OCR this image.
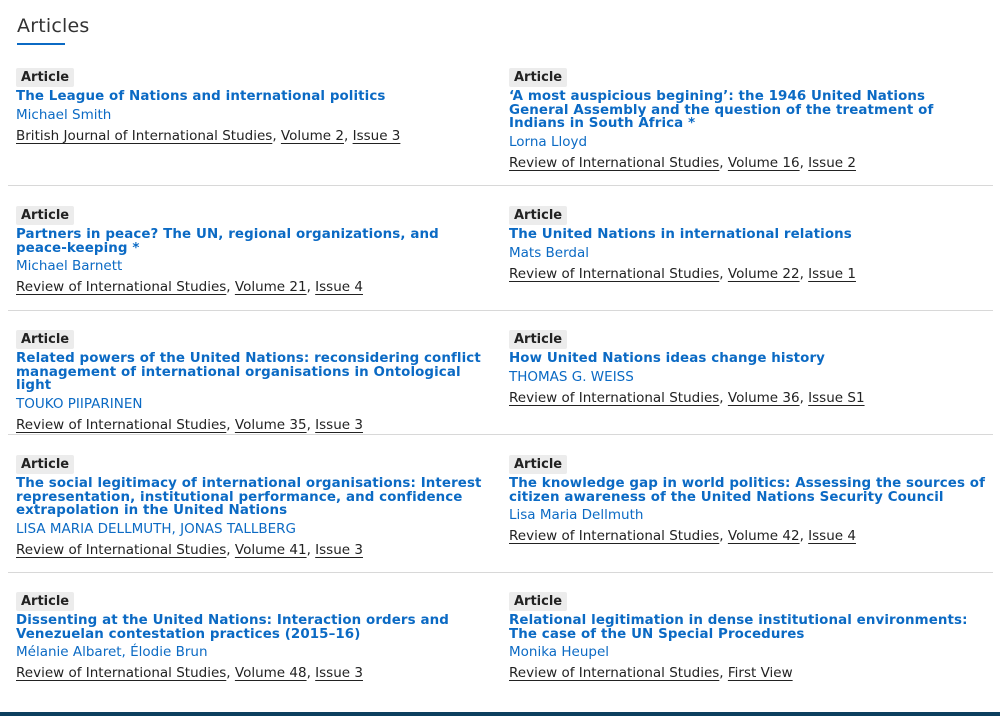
Articles
Article
The League of Nations and international politics
Michael Smith
British Journal of International Studies, Volume 2, Issue 3
Article
‘A most auspicious begining’: the 1946 United Nations General Assembly and the question of the treatment of Indians in South Africa *
Lorna Lloyd
Review of International Studies, Volume 16, Issue 2
Article
Partners in peace? The UN, regional organizations, and peace-keeping *
Michael Barnett
Review of International Studies, Volume 21, Issue 4
Article
The United Nations in international relations
Mats Berdal
Review of International Studies, Volume 22, Issue 1
Article
Related powers of the United Nations: reconsidering conflict management of international organisations in Ontological light
TOUKO PIIPARINEN
Review of International Studies, Volume 35, Issue 3
Article
How United Nations ideas change history
THOMAS G. WEISS
Review of International Studies, Volume 36, Issue S1
Article
The social legitimacy of international organisations: Interest representation, institutional performance, and confidence extrapolation in the United Nations
LISA MARIA DELLMUTH, JONAS TALLBERG
Review of International Studies, Volume 41, Issue 3
Article
The knowledge gap in world politics: Assessing the sources of citizen awareness of the United Nations Security Council
Lisa Maria Dellmuth
Review of International Studies, Volume 42, Issue 4
Article
Dissenting at the United Nations: Interaction orders and Venezuelan contestation practices (2015–16)
Mélanie Albaret, Élodie Brun
Review of International Studies, Volume 48, Issue 3
Article
Relational legitimation in dense institutional environments: The case of the UN Special Procedures
Monika Heupel
Review of International Studies, First View
